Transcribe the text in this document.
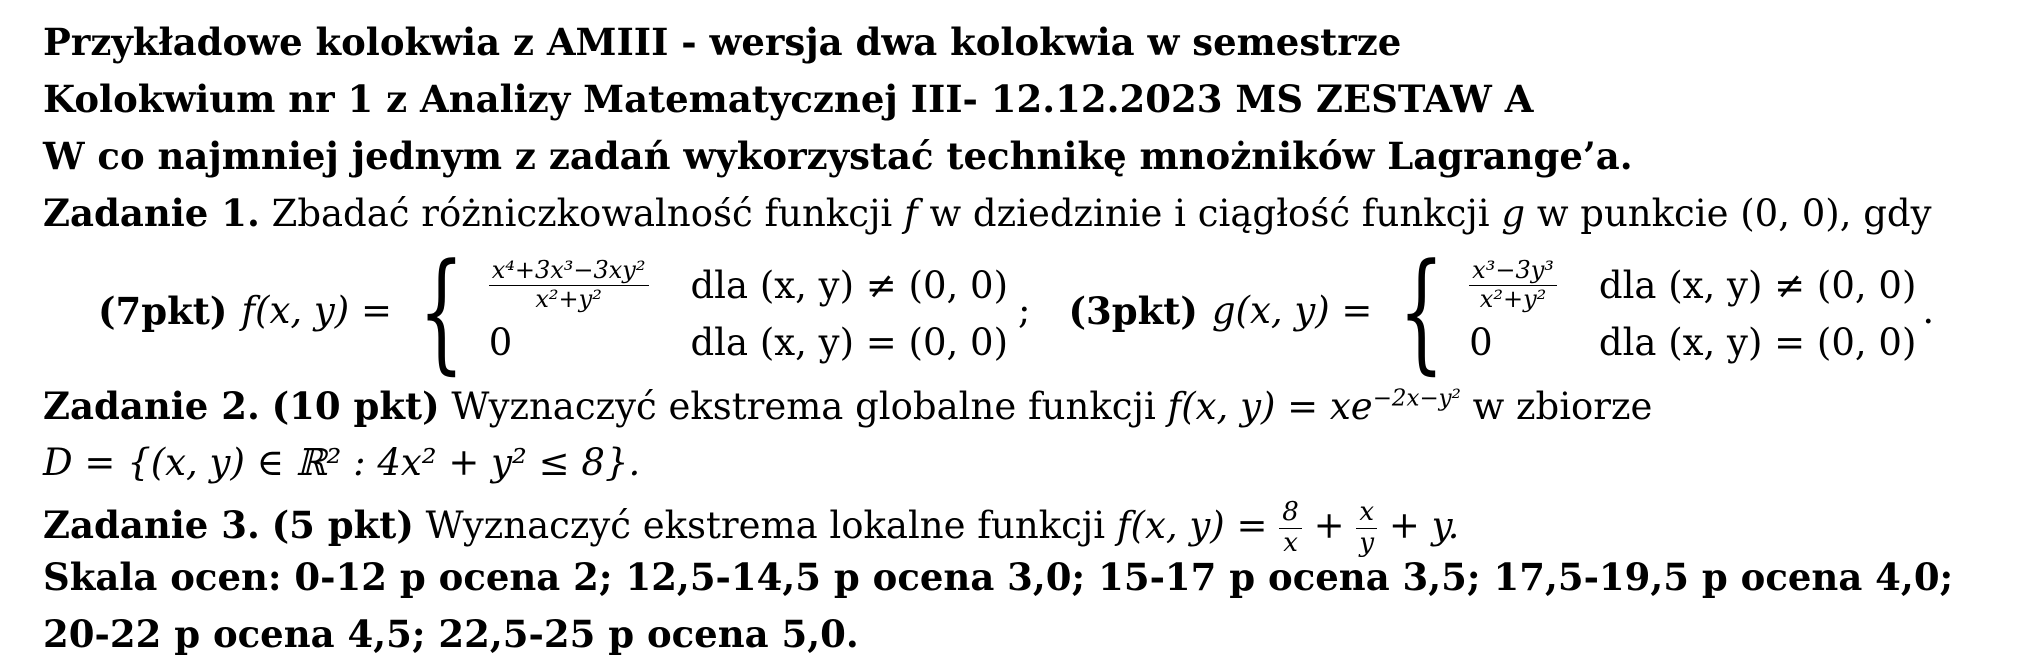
Przykładowe kolokwia z AMIII - wersja dwa kolokwia w semestrze
Kolokwium nr 1 z Analizy Matematycznej III- 12.12.2023 MS ZESTAW A
W co najmniej jednym z zadań wykorzystać technikę mnożników Lagrange’a.
Zadanie 1. Zbadać różniczkowalność funkcji f w dziedzinie i ciągłość funkcji g w punkcie (0, 0), gdy
(7pkt) f(x, y) = { $\frac{\text{x⁴+3x³−3xy²}}{\text{x²+y²}}$ dla (x, y) ≠ (0, 0)
0	dla (x, y) = (0, 0)
; (3pkt) g(x, y) = { $\frac{\text{x³−3y³}}{\text{x²+y²}}$ dla (x, y) ≠ (0, 0)
0	dla (x, y) = (0, 0)
.
Zadanie 2. (10 pkt) Wyznaczyć ekstrema globalne funkcji f(x, $y) = xe^{-2x-y^2}$ w zbiorze
D = {(x, y) ∈ ℝ² : 4x² + y² ≤ 8}.
Zadanie 3. (5 pkt) Wyznaczyć ekstrema lokalne funkcji f(x, $y) = \frac{8}{x} + \frac{x}{y} + y$.
Skala ocen: 0-12 p ocena 2; 12,5-14,5 p ocena 3,0; 15-17 p ocena 3,5; 17,5-19,5 p ocena 4,0;
20-22 p ocena 4,5; 22,5-25 p ocena 5,0.
